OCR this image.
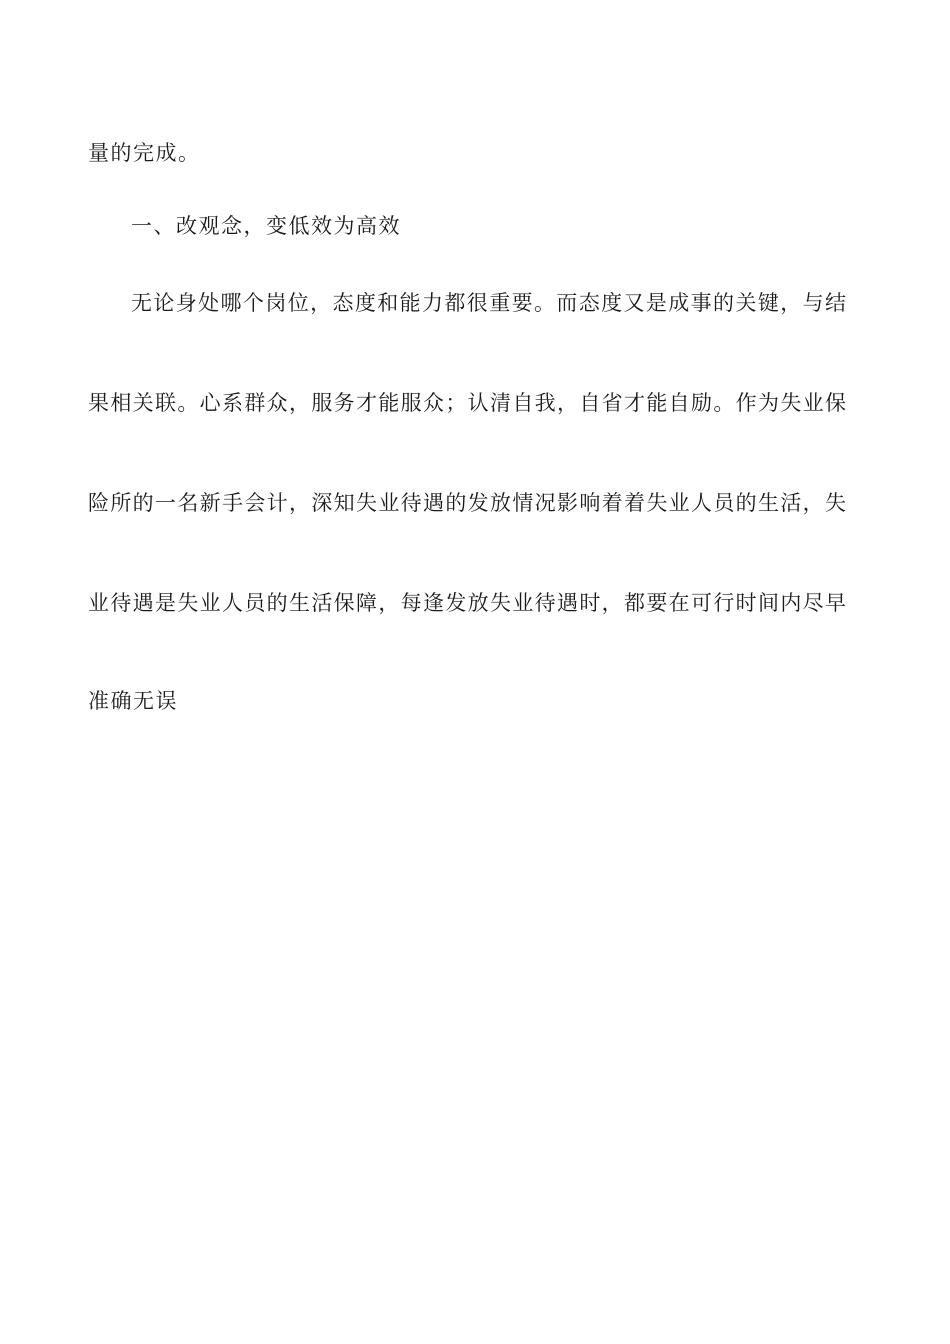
量的完成。
一、改观念，变低效为高效
无论身处哪个岗位，态度和能力都很重要。而态度又是成事的关键，与结
果相关联。心系群众，服务才能服众；认清自我，自省才能自励。作为失业保
险所的一名新手会计，深知失业待遇的发放情况影响着着失业人员的生活，失
业待遇是失业人员的生活保障，每逢发放失业待遇时，都要在可行时间内尽早
准确无误
